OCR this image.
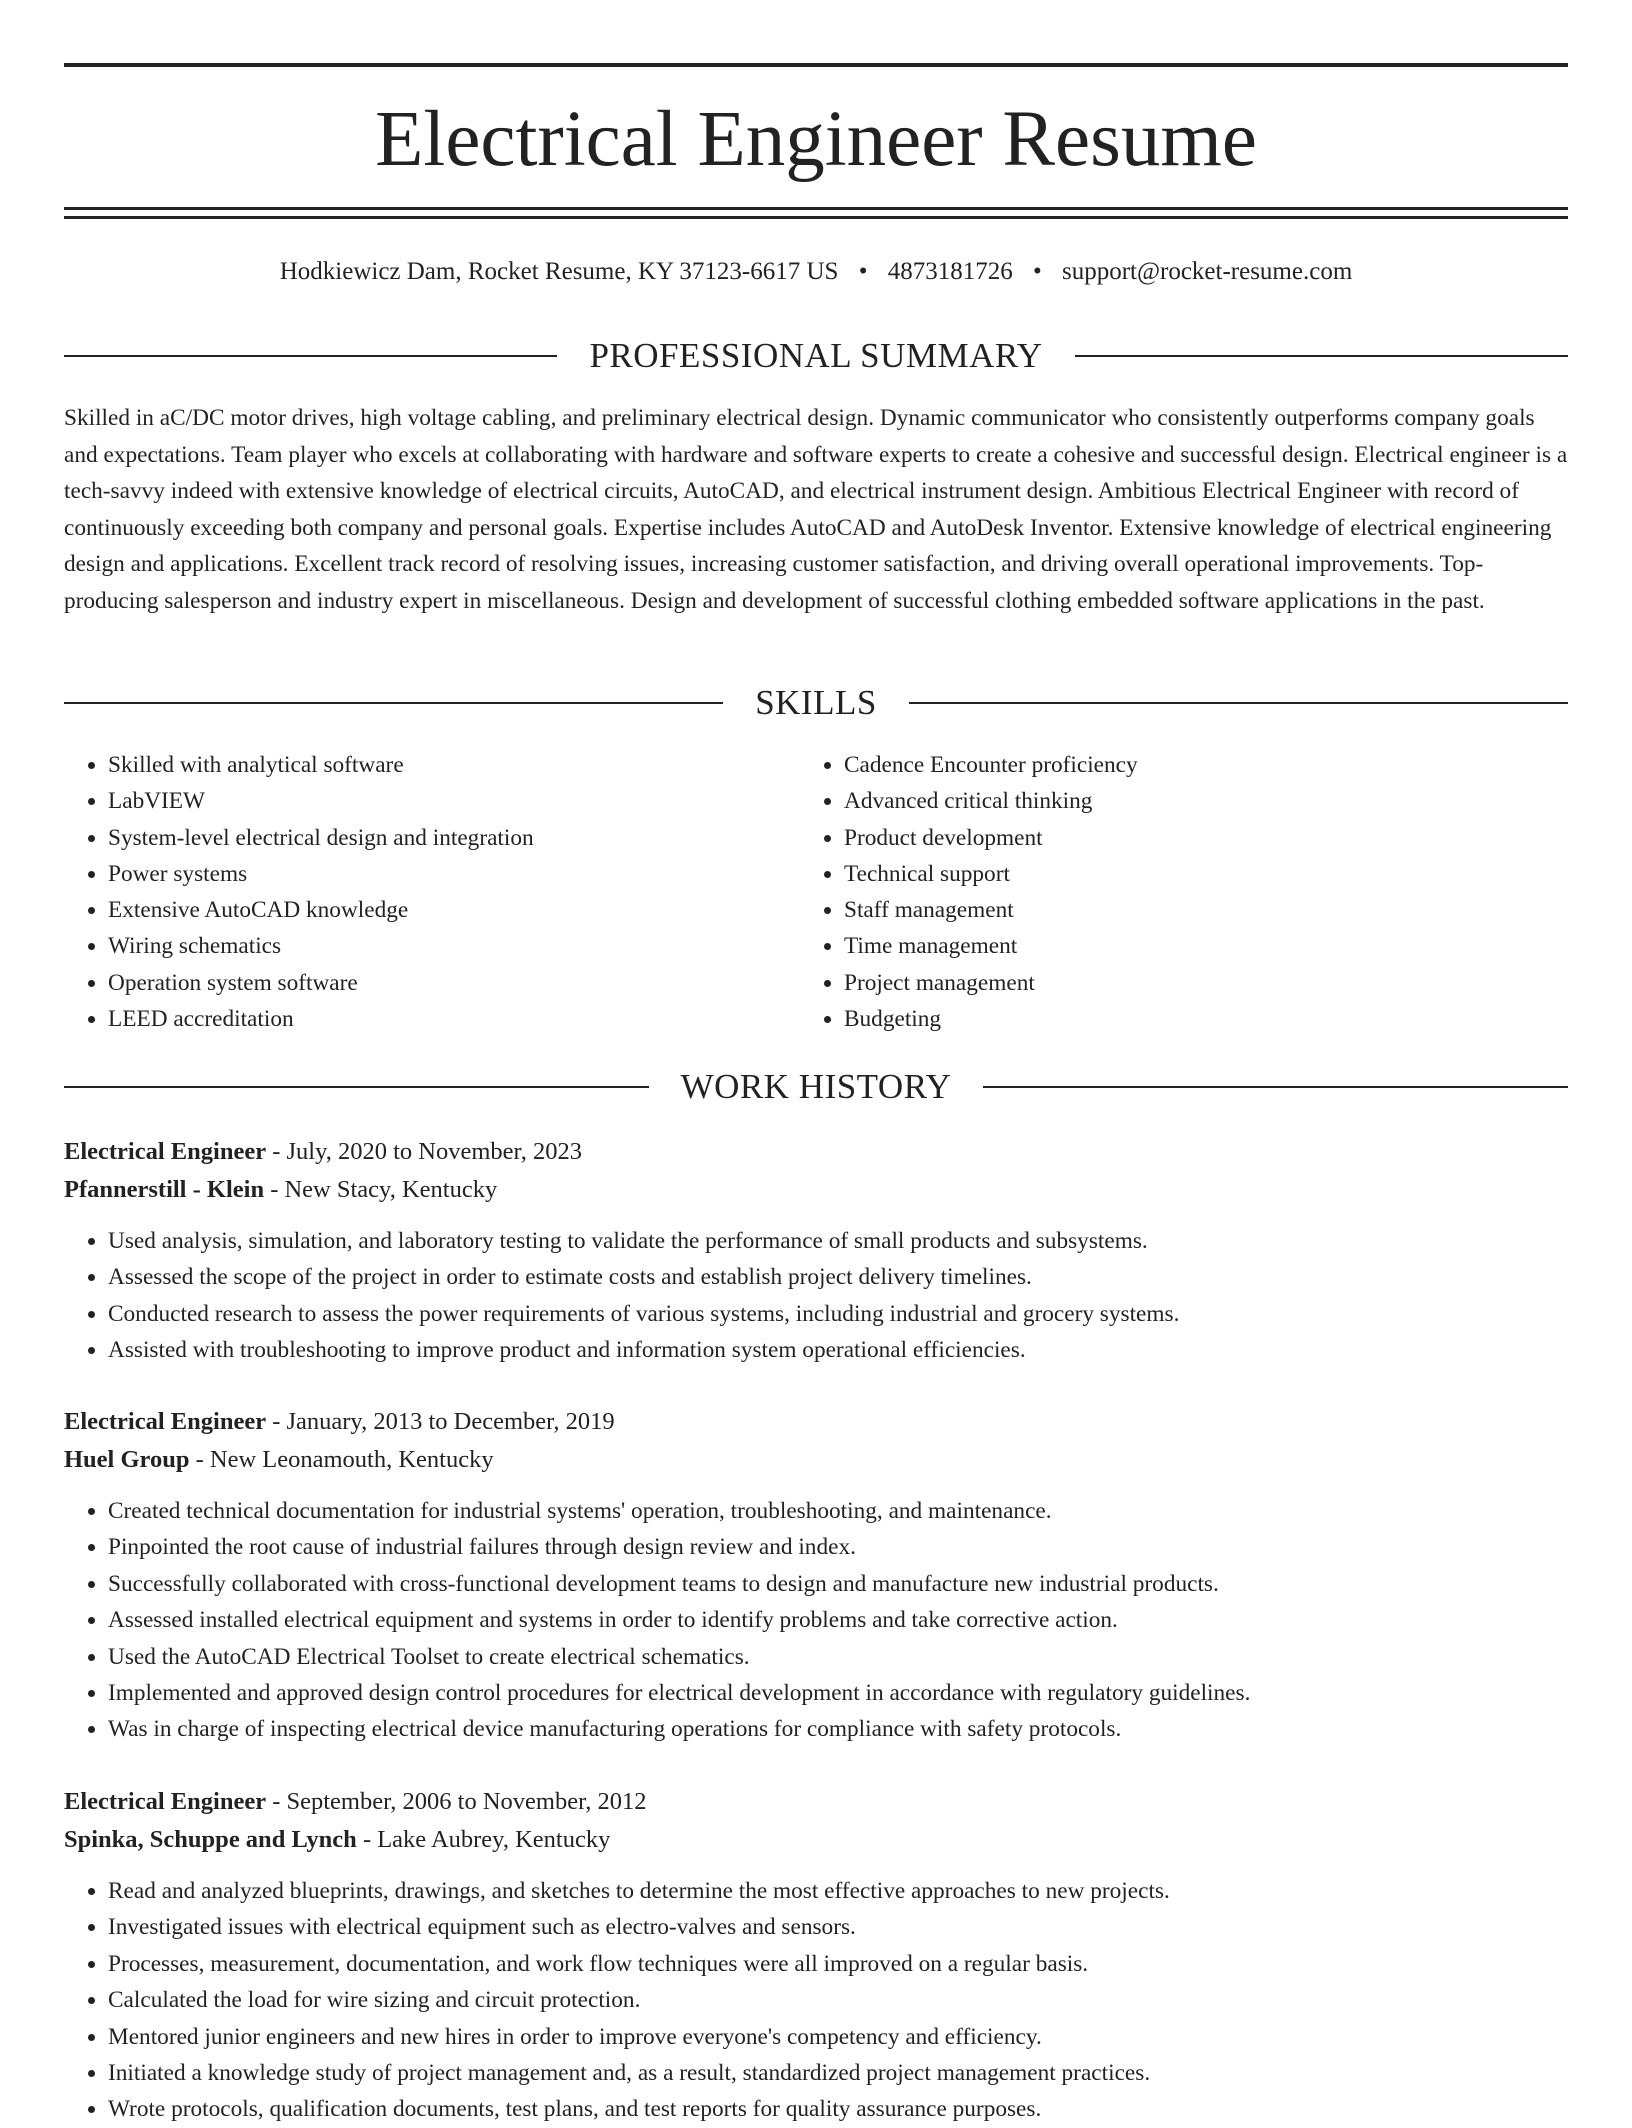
Electrical Engineer Resume
Hodkiewicz Dam, Rocket Resume, KY 37123-6617 US • 4873181726 • support@rocket-resume.com
PROFESSIONAL SUMMARY

Skilled in aC/DC motor drives, high voltage cabling, and preliminary electrical design. Dynamic communicator who consistently outperforms company goals and expectations. Team player who excels at collaborating with hardware and software experts to create a cohesive and successful design. Electrical engineer is a tech-savvy indeed with extensive knowledge of electrical circuits, AutoCAD, and electrical instrument design. Ambitious Electrical Engineer with record of continuously exceeding both company and personal goals. Expertise includes AutoCAD and AutoDesk Inventor. Extensive knowledge of electrical engineering design and applications. Excellent track record of resolving issues, increasing customer satisfaction, and driving overall operational improvements. Top-producing salesperson and industry expert in miscellaneous. Design and development of successful clothing embedded software applications in the past.

SKILLS
• Skilled with analytical software
• LabVIEW
• System-level electrical design and integration
• Power systems
• Extensive AutoCAD knowledge
• Wiring schematics
• Operation system software
• LEED accreditation
• Cadence Encounter proficiency
• Advanced critical thinking
• Product development
• Technical support
• Staff management
• Time management
• Project management
• Budgeting
WORK HISTORY

Electrical Engineer - July, 2020 to November, 2023

Pfannerstill - Klein - New Stacy, Kentucky

• Used analysis, simulation, and laboratory testing to validate the performance of small products and subsystems.
• Assessed the scope of the project in order to estimate costs and establish project delivery timelines.
• Conducted research to assess the power requirements of various systems, including industrial and grocery systems.
• Assisted with troubleshooting to improve product and information system operational efficiencies.

Electrical Engineer - January, 2013 to December, 2019

Huel Group - New Leonamouth, Kentucky

• Created technical documentation for industrial systems' operation, troubleshooting, and maintenance.
• Pinpointed the root cause of industrial failures through design review and index.
• Successfully collaborated with cross-functional development teams to design and manufacture new industrial products.
• Assessed installed electrical equipment and systems in order to identify problems and take corrective action.
• Used the AutoCAD Electrical Toolset to create electrical schematics.
• Implemented and approved design control procedures for electrical development in accordance with regulatory guidelines.
• Was in charge of inspecting electrical device manufacturing operations for compliance with safety protocols.

Electrical Engineer - September, 2006 to November, 2012

Spinka, Schuppe and Lynch - Lake Aubrey, Kentucky

• Read and analyzed blueprints, drawings, and sketches to determine the most effective approaches to new projects.
• Investigated issues with electrical equipment such as electro-valves and sensors.
• Processes, measurement, documentation, and work flow techniques were all improved on a regular basis.
• Calculated the load for wire sizing and circuit protection.
• Mentored junior engineers and new hires in order to improve everyone's competency and efficiency.
• Initiated a knowledge study of project management and, as a result, standardized project management practices.
• Wrote protocols, qualification documents, test plans, and test reports for quality assurance purposes.
